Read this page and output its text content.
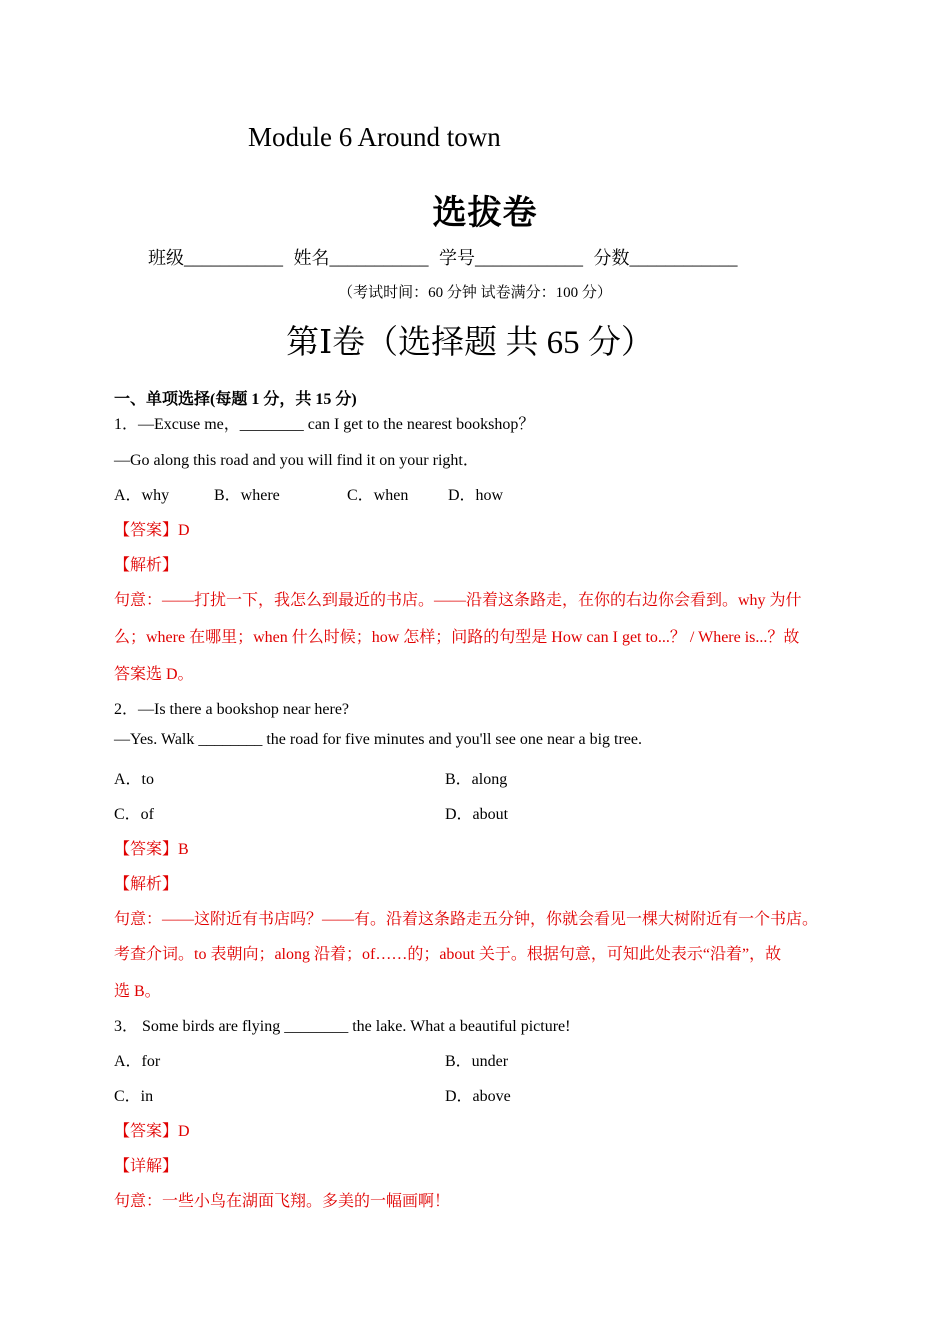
Module 6 Around town
选拔卷
班级___________ 姓名___________ 学号____________ 分数____________
（考试时间：60 分钟 试卷满分：100 分）
第Ⅰ卷（选择题 共 65 分）
一、单项选择(每题 1 分，共 15 分)
1．—Excuse me，________ can I get to the nearest bookshop？
—Go along this road and you will find it on your right．
A．why	B．where	C．when D．how
【答案】D
【解析】
句意：——打扰一下，我怎么到最近的书店。——沿着这条路走，在你的右边你会看到。why 为什
么；where 在哪里；when 什么时候；how 怎样；问路的句型是 How can I get to...？ / Where is...？故
答案选 D。
2．—Is there a bookshop near here?
—Yes. Walk ________ the road for five minutes and you'll see one near a big tree.
A．to	B．along
C．of	D．about
【答案】B
【解析】
句意：——这附近有书店吗？——有。沿着这条路走五分钟，你就会看见一棵大树附近有一个书店。
考查介词。to 表朝向；along 沿着；of……的；about 关于。根据句意，可知此处表示“沿着”，故
选 B。
3． Some birds are flying ________ the lake. What a beautiful picture!
A．for	B．under
C．in	D．above
【答案】D
【详解】
句意：一些小鸟在湖面飞翔。多美的一幅画啊！
